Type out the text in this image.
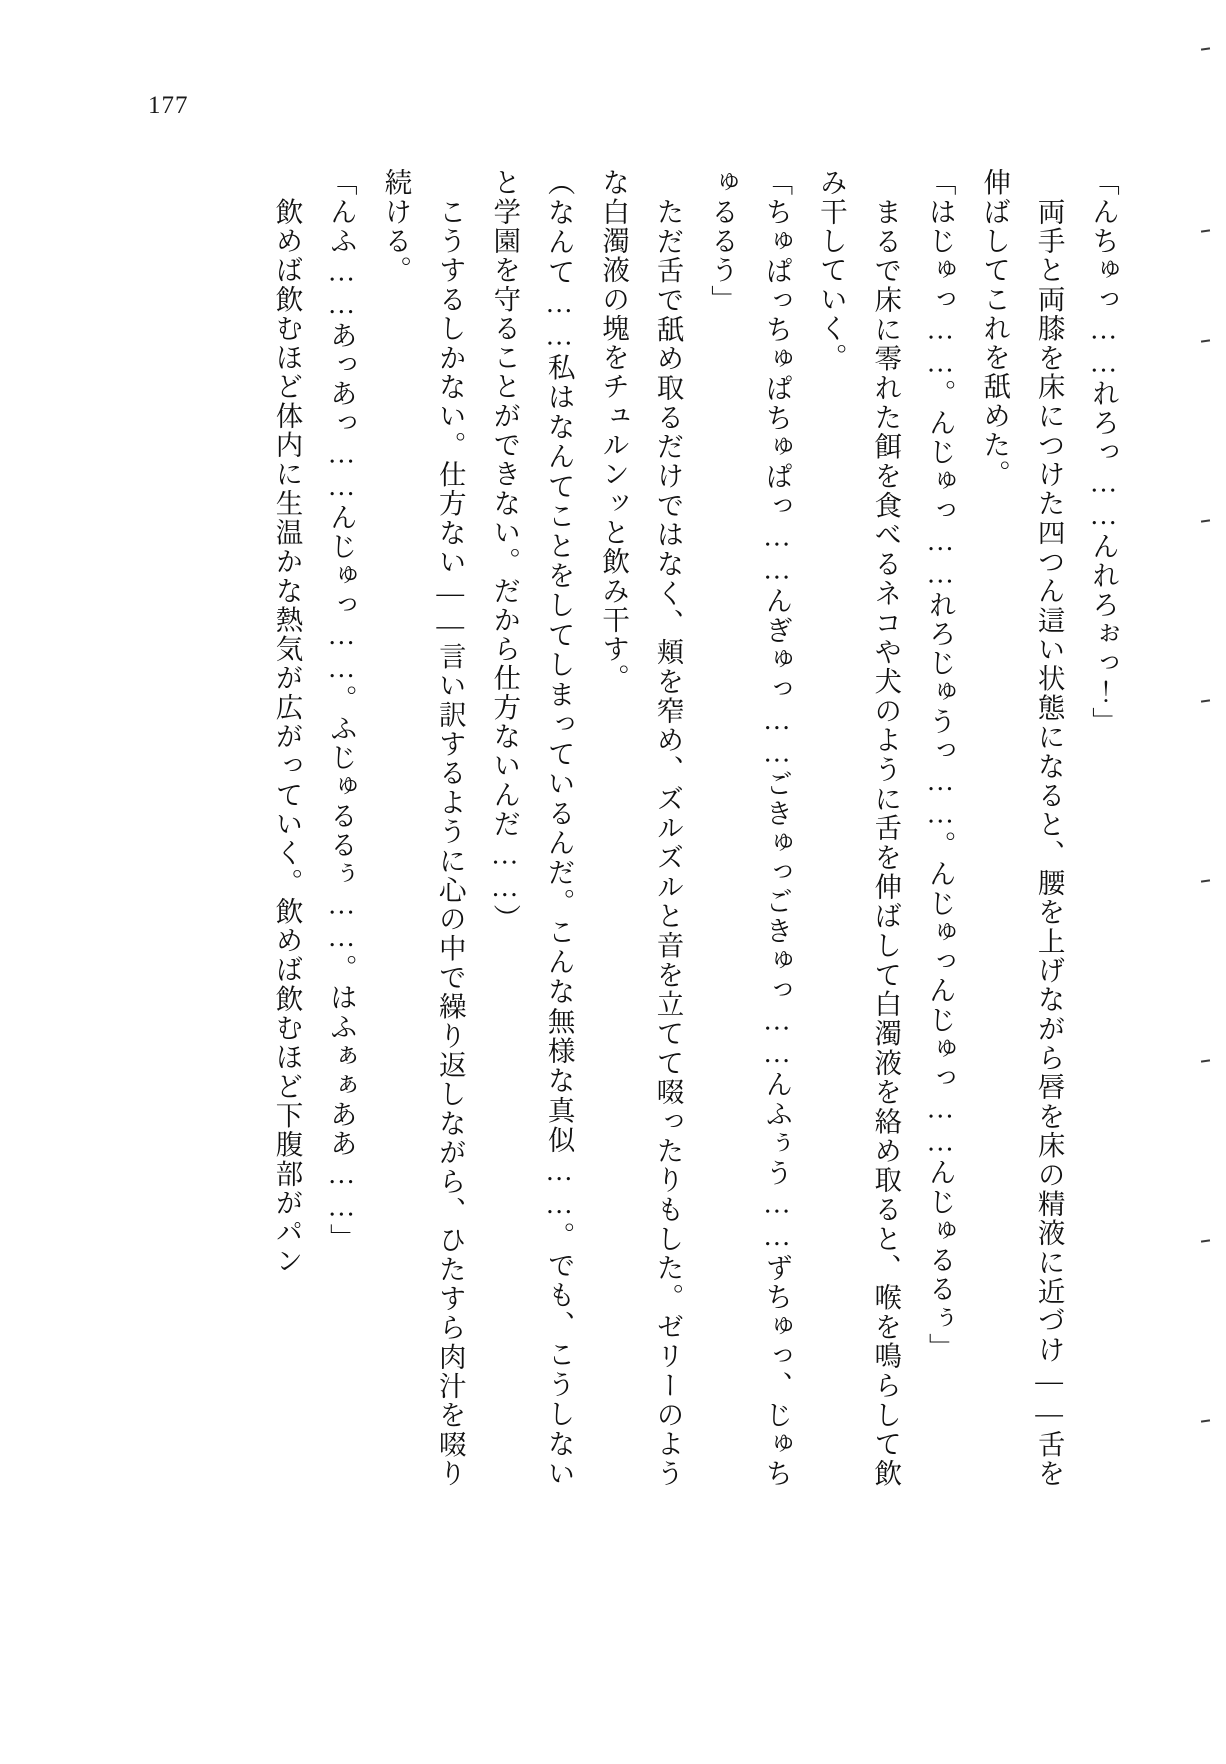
177

「んちゅっ……れろっ……んれろぉっ！」

　両手と両膝を床につけた四つん這い状態になると、腰を上げながら唇を床の精液に近づけ――舌を伸ばしてこれを舐めた。

「はじゅっ……。んじゅっ……れろじゅうっ……。んじゅっんじゅっ……んじゅるるぅ」

　まるで床に零れた餌を食べるネコや犬のように舌を伸ばして白濁液を絡め取ると、喉を鳴らして飲み干していく。

「ちゅぱっちゅぱちゅぱっ……んぎゅっ……ごきゅっごきゅっ……んふぅう……ずちゅっ、じゅちゅるるう」

　ただ舌で舐め取るだけではなく、頬を窄め、ズルズルと音を立てて啜ったりもした。ゼリーのような白濁液の塊をチュルンッと飲み干す。

（なんて……私はなんてことをしてしまっているんだ。こんな無様な真似……。でも、こうしないと学園を守ることができない。だから仕方ないんだ……）

　こうするしかない。仕方ない――言い訳するように心の中で繰り返しながら、ひたすら肉汁を啜り続ける。

「んふ……あっあっ……んじゅっ……。ふじゅるるぅ……。はふぁぁああ……」

　飲めば飲むほど体内に生温かな熱気が広がっていく。飲めば飲むほど下腹部がパン
